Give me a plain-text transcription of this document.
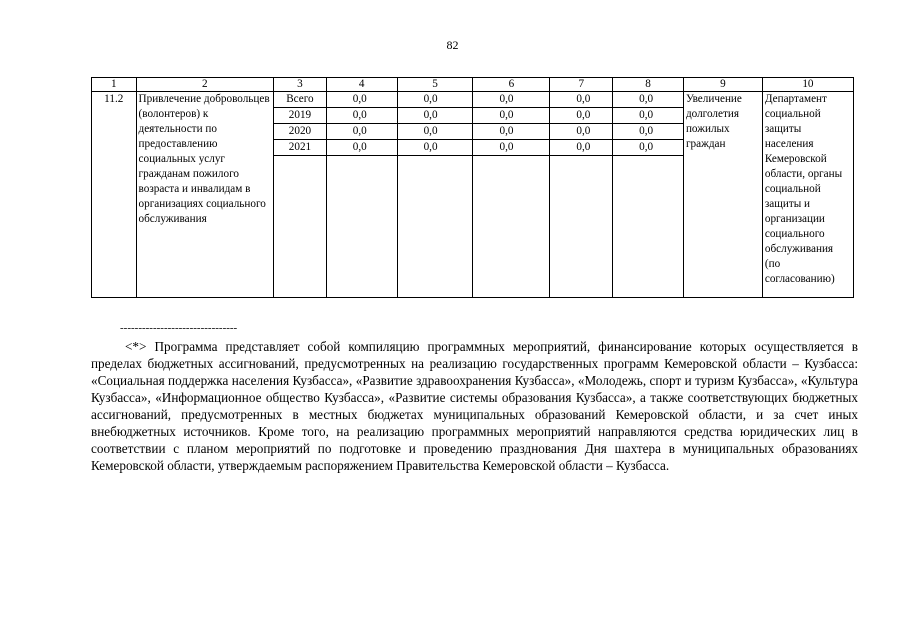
82
1	2	3	4	5	6	7	8	9	10
11.2	Привлечение добровольцев (волонтеров) к деятельности по предоставлению социальных услуг гражданам пожилого возраста и инвалидам в организациях социального обслуживания	Всего	0,0	0,0	0,0	0,0	0,0	Увеличение долголетия пожилых граждан	Департамент социальной защиты населения Кемеровской области, органы социальной защиты и организации социального обслуживания (по согласованию)
		2019	0,0	0,0	0,0	0,0	0,0		
		2020	0,0	0,0	0,0	0,0	0,0		
		2021	0,0	0,0	0,0	0,0	0,0		

--------------------------------
<*> Программа представляет собой компиляцию программных мероприятий, финансирование которых осуществляется в пределах бюджетных ассигнований, предусмотренных на реализацию государственных программ Кемеровской области – Кузбасса: «Социальная поддержка населения Кузбасса», «Развитие здравоохранения Кузбасса», «Молодежь, спорт и туризм Кузбасса», «Культура Кузбасса», «Информационное общество Кузбасса», «Развитие системы образования Кузбасса», а также соответствующих бюджетных ассигнований, предусмотренных в местных бюджетах муниципальных образований Кемеровской области, и за счет иных внебюджетных источников. Кроме того, на реализацию программных мероприятий направляются средства юридических лиц в соответствии с планом мероприятий по подготовке и проведению празднования Дня шахтера в муниципальных образованиях Кемеровской области, утверждаемым распоряжением Правительства Кемеровской области – Кузбасса.
